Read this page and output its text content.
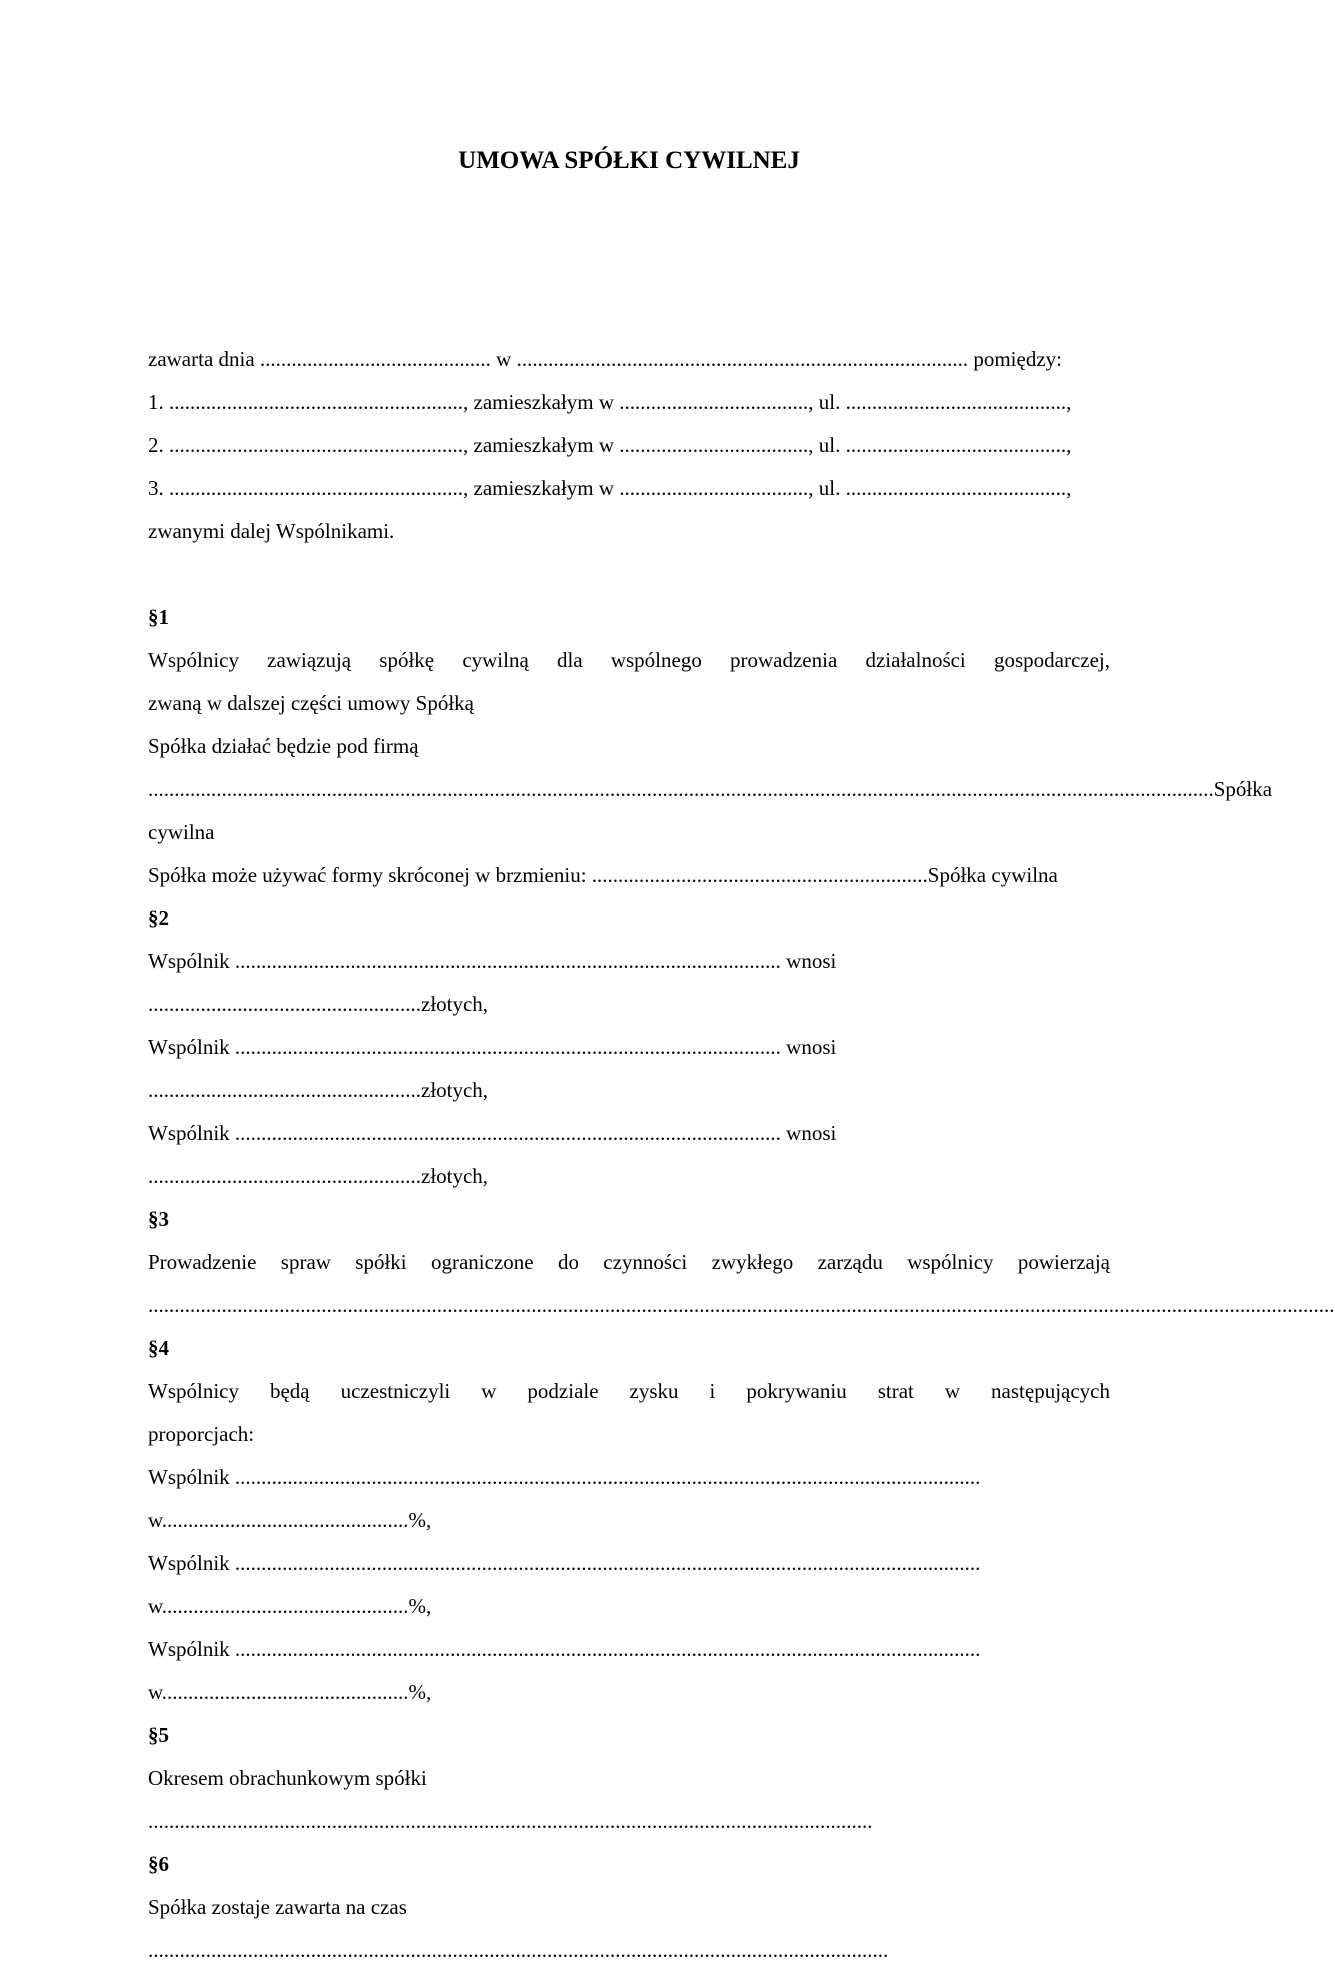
UMOWA SPÓŁKI CYWILNEJ
zawarta dnia ............................................ w ...................................................................................... pomiędzy:
1. ........................................................, zamieszkałym w ...................................., ul. ..........................................,
2. ........................................................, zamieszkałym w ...................................., ul. ..........................................,
3. ........................................................, zamieszkałym w ...................................., ul. ..........................................,
zwanymi dalej Wspólnikami.
§1
Wspólnicy zawiązują spółkę cywilną dla wspólnego prowadzenia działalności gospodarczej,
zwaną w dalszej części umowy Spółką
Spółka działać będzie pod firmą
...........................................................................................................................................................................................................Spółka cywilna
Spółka może używać formy skróconej w brzmieniu: ................................................................Spółka cywilna
§2
Wspólnik ........................................................................................................ wnosi ....................................................złotych,
Wspólnik ........................................................................................................ wnosi ....................................................złotych,
Wspólnik ........................................................................................................ wnosi ....................................................złotych,
§3
Prowadzenie spraw spółki ograniczone do czynności zwykłego zarządu wspólnicy powierzają
..................................................................................................................................................................................................................................
§4
Wspólnicy będą uczestniczyli w podziale zysku i pokrywaniu strat w następujących
proporcjach:
Wspólnik .............................................................................................................................................. w...............................................%,
Wspólnik .............................................................................................................................................. w...............................................%,
Wspólnik .............................................................................................................................................. w...............................................%,
§5
Okresem obrachunkowym spółki ..........................................................................................................................................
§6
Spółka zostaje zawarta na czas .............................................................................................................................................
